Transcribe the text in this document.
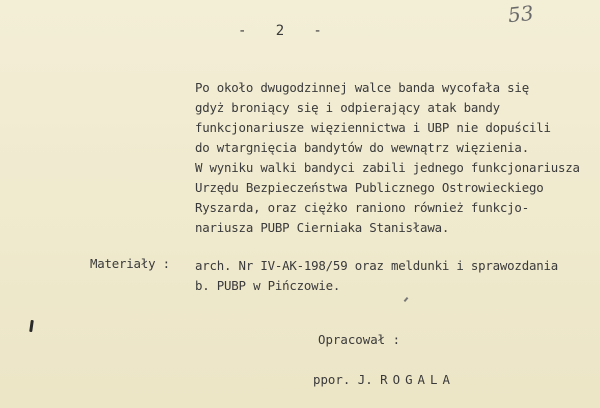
53
-   2   -
Po około dwugodzinnej walce banda wycofała się
gdyż broniący się i odpierający atak bandy
funkcjonariusze więziennictwa i UBP nie dopuścili
do wtargnięcia bandytów do wewnątrz więzienia.
W wyniku walki bandyci zabili jednego funkcjonariusza
Urzędu Bezpieczeństwa Publicznego Ostrowieckiego
Ryszarda, oraz ciężko raniono również funkcjo-
nariusza PUBP Cierniaka Stanisława.
Materiały : arch. Nr IV-AK-198/59 oraz meldunki i sprawozdania
b. PUBP w Pińczowie.
Opracował :
ppor. J. ROGALA
